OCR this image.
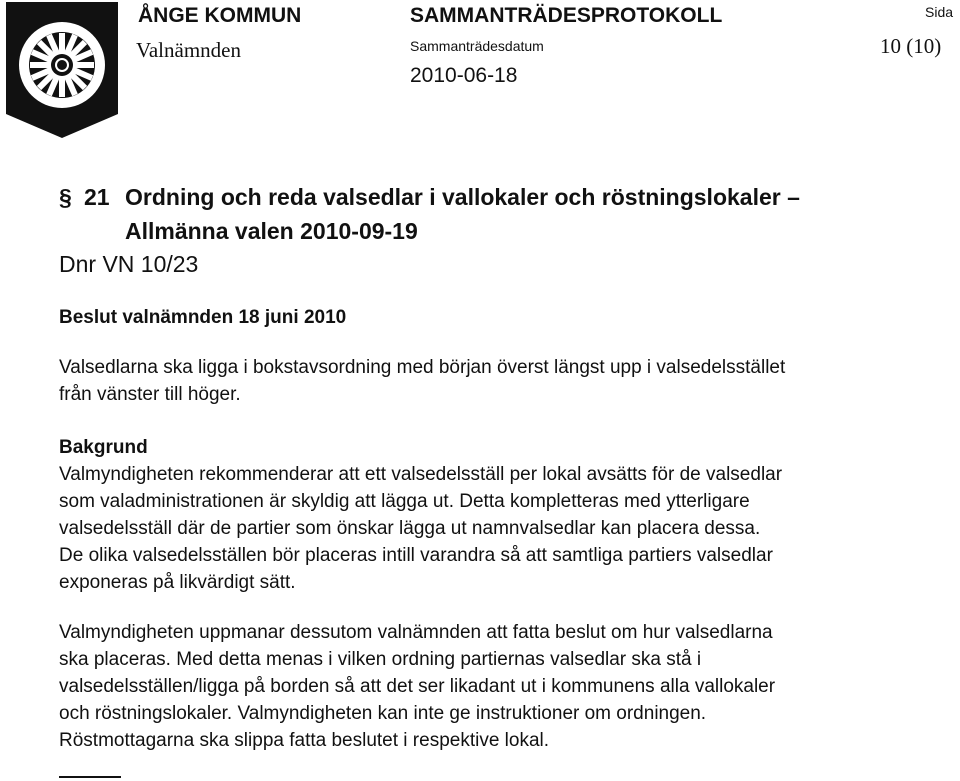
ÅNGE KOMMUN
Valnämnden
SAMMANTRÄDESPROTOKOLL
Sammanträdesdatum
2010-06-18
Sida
10 (10)
§ 21 Ordning och reda valsedlar i vallokaler och röstningslokaler –
Allmänna valen 2010-09-19
Dnr VN 10/23
Beslut valnämnden 18 juni 2010
Valsedlarna ska ligga i bokstavsordning med början överst längst upp i valsedelsstället
från vänster till höger.
Bakgrund
Valmyndigheten rekommenderar att ett valsedelsställ per lokal avsätts för de valsedlar
som valadministrationen är skyldig att lägga ut. Detta kompletteras med ytterligare
valsedelsställ där de partier som önskar lägga ut namnvalsedlar kan placera dessa.
De olika valsedelsställen bör placeras intill varandra så att samtliga partiers valsedlar
exponeras på likvärdigt sätt.
Valmyndigheten uppmanar dessutom valnämnden att fatta beslut om hur valsedlarna
ska placeras. Med detta menas i vilken ordning partiernas valsedlar ska stå i
valsedelsställen/ligga på borden så att det ser likadant ut i kommunens alla vallokaler
och röstningslokaler. Valmyndigheten kan inte ge instruktioner om ordningen.
Röstmottagarna ska slippa fatta beslutet i respektive lokal.
